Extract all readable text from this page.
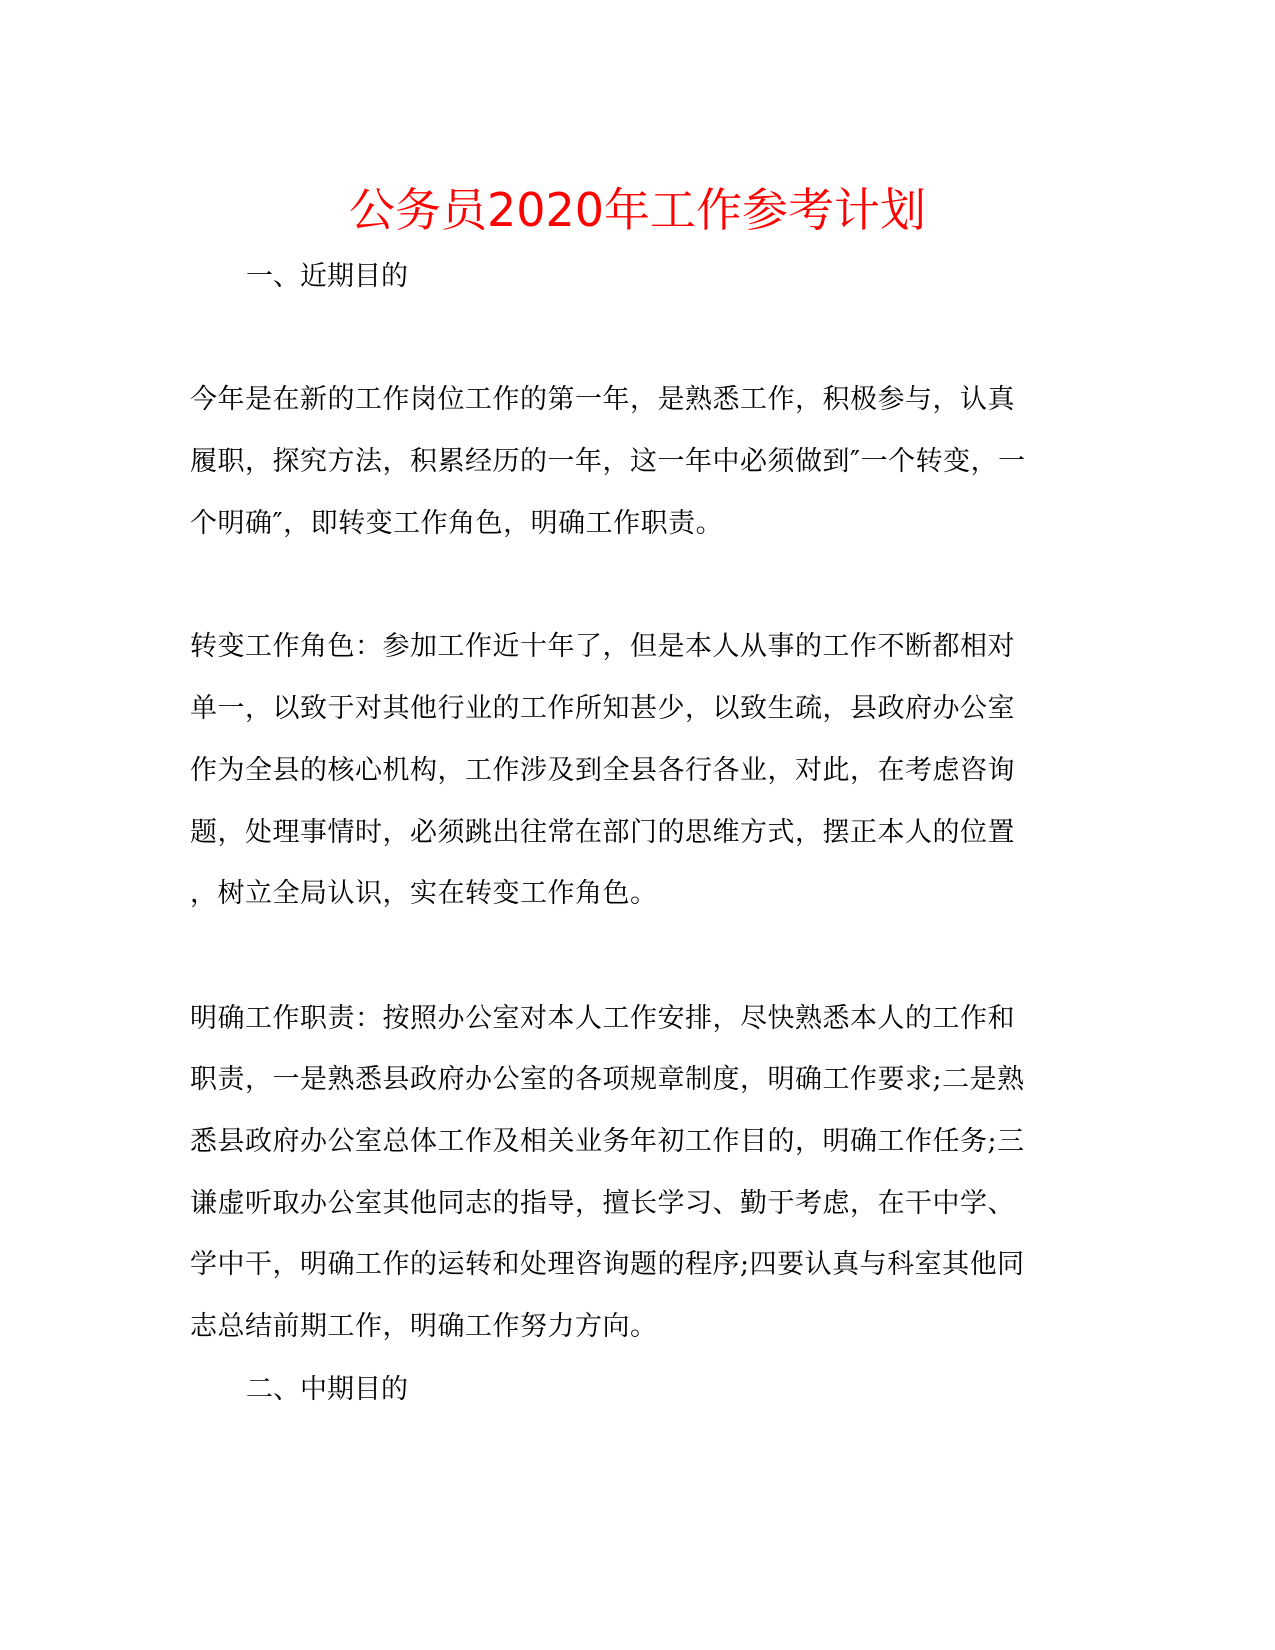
公务员2020年工作参考计划
一、近期目的
今年是在新的工作岗位工作的第一年，是熟悉工作，积极参与，认真
履职，探究方法，积累经历的一年，这一年中必须做到″一个转变，一
个明确″，即转变工作角色，明确工作职责。
转变工作角色：参加工作近十年了，但是本人从事的工作不断都相对
单一，以致于对其他行业的工作所知甚少，以致生疏，县政府办公室
作为全县的核心机构，工作涉及到全县各行各业，对此，在考虑咨询
题，处理事情时，必须跳出往常在部门的思维方式，摆正本人的位置
，树立全局认识，实在转变工作角色。
明确工作职责：按照办公室对本人工作安排，尽快熟悉本人的工作和
职责，一是熟悉县政府办公室的各项规章制度，明确工作要求;二是熟
悉县政府办公室总体工作及相关业务年初工作目的，明确工作任务;三
谦虚听取办公室其他同志的指导，擅长学习、勤于考虑，在干中学、
学中干，明确工作的运转和处理咨询题的程序;四要认真与科室其他同
志总结前期工作，明确工作努力方向。
二、中期目的
